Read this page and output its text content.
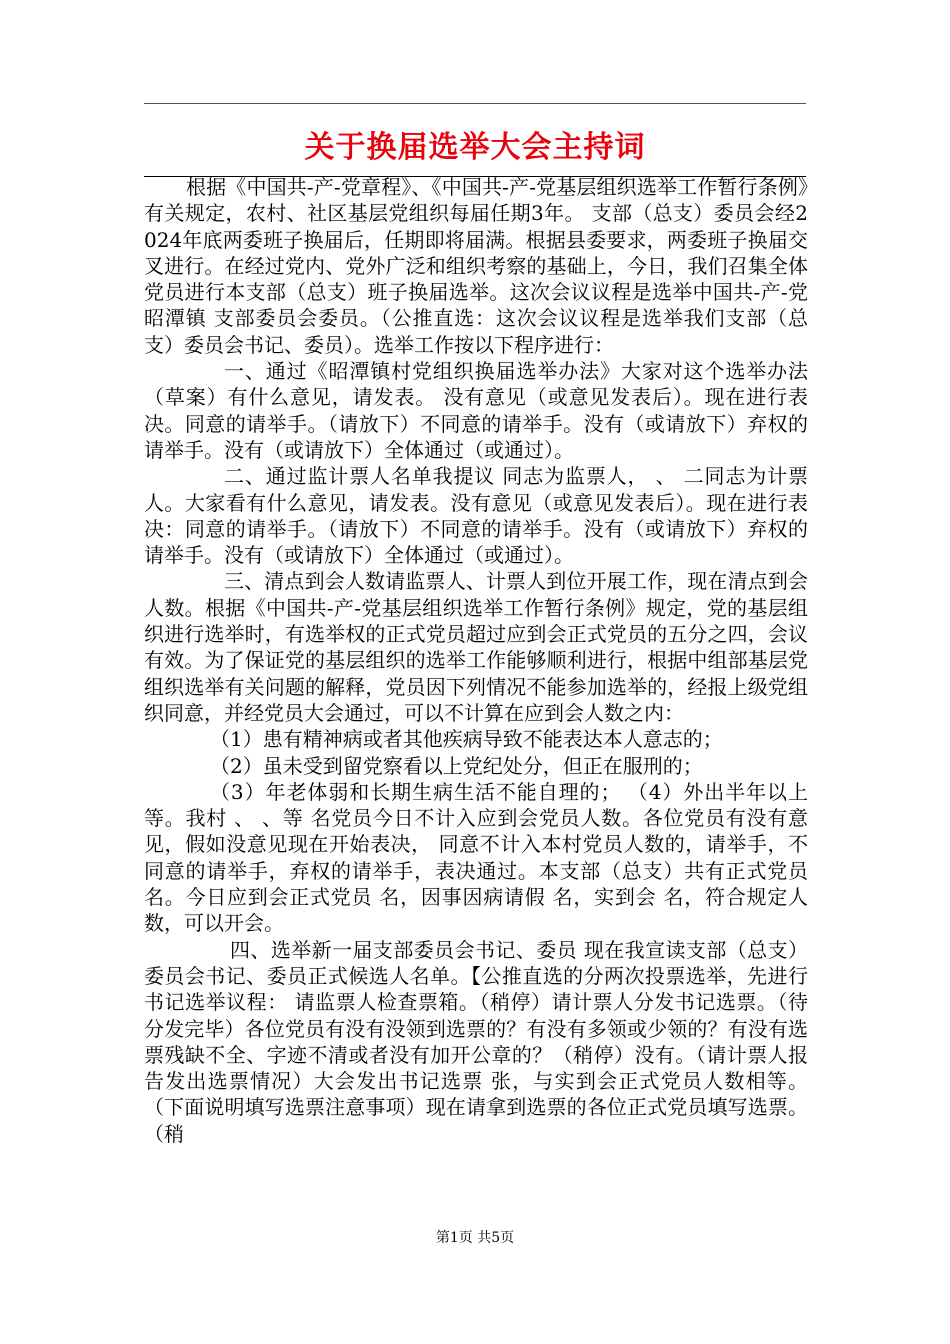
关于换届选举大会主持词

根据《中国共-产-党章程》、《中国共-产-党基层组织选举工作暂行条例》有关规定，农村、社区基层党组织每届任期3年。 支部（总支）委员会经2024年底两委班子换届后，任期即将届满。根据县委要求，两委班子换届交叉进行。在经过党内、党外广泛和组织考察的基础上，今日，我们召集全体党员进行本支部（总支）班子换届选举。这次会议议程是选举中国共-产-党昭潭镇 支部委员会委员。（公推直选：这次会议议程是选举我们支部（总支）委员会书记、委员）。选举工作按以下程序进行：

一、通过《昭潭镇村党组织换届选举办法》大家对这个选举办法（草案）有什么意见，请发表。 没有意见（或意见发表后）。现在进行表决。同意的请举手。（请放下）不同意的请举手。没有（或请放下）弃权的请举手。没有（或请放下）全体通过（或通过）。

二、通过监计票人名单我提议 同志为监票人， 、 二同志为计票人。大家看有什么意见，请发表。没有意见（或意见发表后）。现在进行表决：同意的请举手。（请放下）不同意的请举手。没有（或请放下）弃权的请举手。没有（或请放下）全体通过（或通过）。

三、清点到会人数请监票人、计票人到位开展工作，现在清点到会人数。根据《中国共-产-党基层组织选举工作暂行条例》规定，党的基层组织进行选举时，有选举权的正式党员超过应到会正式党员的五分之四，会议有效。为了保证党的基层组织的选举工作能够顺利进行，根据中组部基层党组织选举有关问题的解释，党员因下列情况不能参加选举的，经报上级党组织同意，并经党员大会通过，可以不计算在应到会人数之内：

（1）患有精神病或者其他疾病导致不能表达本人意志的；

（2）虽未受到留党察看以上党纪处分，但正在服刑的；

（3）年老体弱和长期生病生活不能自理的； （4）外出半年以上等。我村 、 、等 名党员今日不计入应到会党员人数。各位党员有没有意见，假如没意见现在开始表决， 同意不计入本村党员人数的，请举手，不同意的请举手，弃权的请举手，表决通过。本支部（总支）共有正式党员 名。今日应到会正式党员 名，因事因病请假 名，实到会 名，符合规定人数，可以开会。

四、选举新一届支部委员会书记、委员 现在我宣读支部（总支）委员会书记、委员正式候选人名单。【公推直选的分两次投票选举，先进行书记选举议程： 请监票人检查票箱。（稍停）请计票人分发书记选票。（待分发完毕）各位党员有没有没领到选票的？有没有多领或少领的？有没有选票残缺不全、字迹不清或者没有加开公章的？（稍停）没有。（请计票人报告发出选票情况）大会发出书记选票 张，与实到会正式党员人数相等。 （下面说明填写选票注意事项）现在请拿到选票的各位正式党员填写选票。（稍

第1页 共5页
